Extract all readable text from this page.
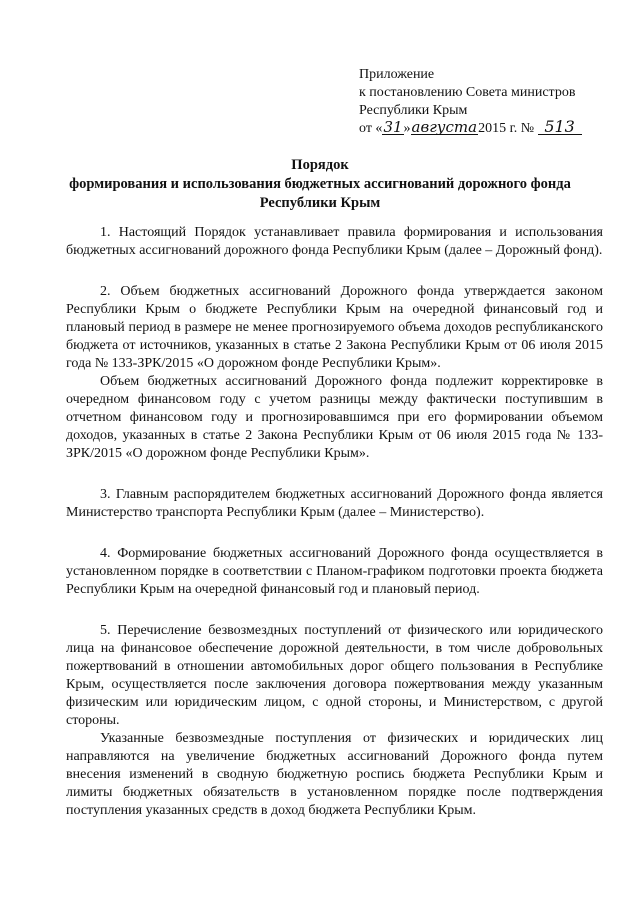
Приложение
к постановлению Совета министров
Республики Крым
от «31»августа2015 г. № 513
Порядок
формирования и использования бюджетных ассигнований дорожного фонда
Республики Крым

1. Настоящий Порядок устанавливает правила формирования и использования бюджетных ассигнований дорожного фонда Республики Крым (далее – Дорожный фонд).

2. Объем бюджетных ассигнований Дорожного фонда утверждается законом Республики Крым о бюджете Республики Крым на очередной финансовый год и плановый период в размере не менее прогнозируемого объема доходов республиканского бюджета от источников, указанных в статье 2 Закона Республики Крым от 06 июля 2015 года № 133-ЗРК/2015 «О дорожном фонде Республики Крым».

Объем бюджетных ассигнований Дорожного фонда подлежит корректировке в очередном финансовом году с учетом разницы между фактически поступившим в отчетном финансовом году и прогнозировавшимся при его формировании объемом доходов, указанных в статье 2 Закона Республики Крым от 06 июля 2015 года № 133-ЗРК/2015 «О дорожном фонде Республики Крым».

3. Главным распорядителем бюджетных ассигнований Дорожного фонда является Министерство транспорта Республики Крым (далее – Министерство).

4. Формирование бюджетных ассигнований Дорожного фонда осуществляется в установленном порядке в соответствии с Планом-графиком подготовки проекта бюджета Республики Крым на очередной финансовый год и плановый период.

5. Перечисление безвозмездных поступлений от физического или юридического лица на финансовое обеспечение дорожной деятельности, в том числе добровольных пожертвований в отношении автомобильных дорог общего пользования в Республике Крым, осуществляется после заключения договора пожертвования между указанным физическим или юридическим лицом, с одной стороны, и Министерством, с другой стороны.

Указанные безвозмездные поступления от физических и юридических лиц направляются на увеличение бюджетных ассигнований Дорожного фонда путем внесения изменений в сводную бюджетную роспись бюджета Республики Крым и лимиты бюджетных обязательств в установленном порядке после подтверждения поступления указанных средств в доход бюджета Республики Крым.
